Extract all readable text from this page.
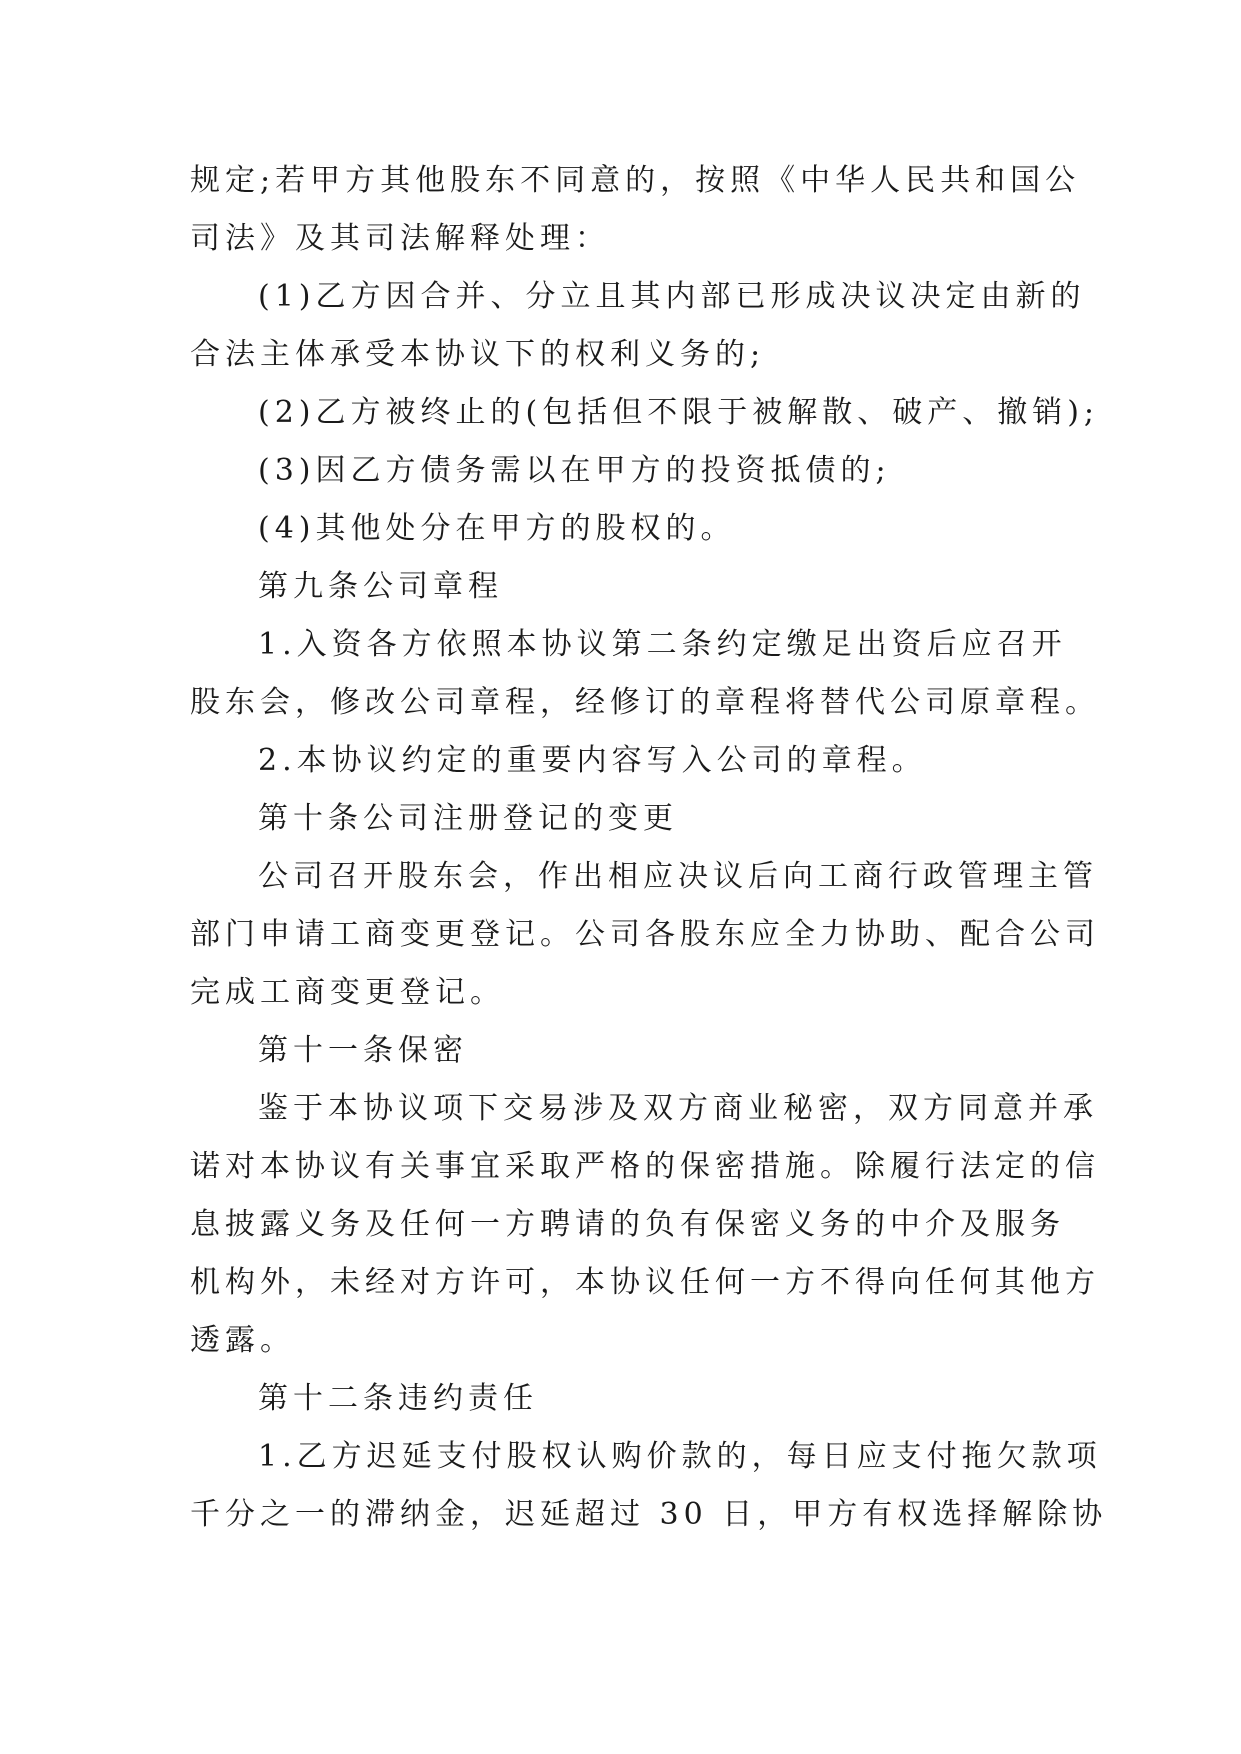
规定;若甲方其他股东不同意的，按照《中华人民共和国公
司法》及其司法解释处理：
(1)乙方因合并、分立且其内部已形成决议决定由新的
合法主体承受本协议下的权利义务的;
(2)乙方被终止的(包括但不限于被解散、破产、撤销);
(3)因乙方债务需以在甲方的投资抵债的;
(4)其他处分在甲方的股权的。
第九条公司章程
1.入资各方依照本协议第二条约定缴足出资后应召开
股东会，修改公司章程，经修订的章程将替代公司原章程。
2.本协议约定的重要内容写入公司的章程。
第十条公司注册登记的变更
公司召开股东会，作出相应决议后向工商行政管理主管
部门申请工商变更登记。公司各股东应全力协助、配合公司
完成工商变更登记。
第十一条保密
鉴于本协议项下交易涉及双方商业秘密，双方同意并承
诺对本协议有关事宜采取严格的保密措施。除履行法定的信
息披露义务及任何一方聘请的负有保密义务的中介及服务
机构外，未经对方许可，本协议任何一方不得向任何其他方
透露。
第十二条违约责任
1.乙方迟延支付股权认购价款的，每日应支付拖欠款项
千分之一的滞纳金，迟延超过 30 日，甲方有权选择解除协
